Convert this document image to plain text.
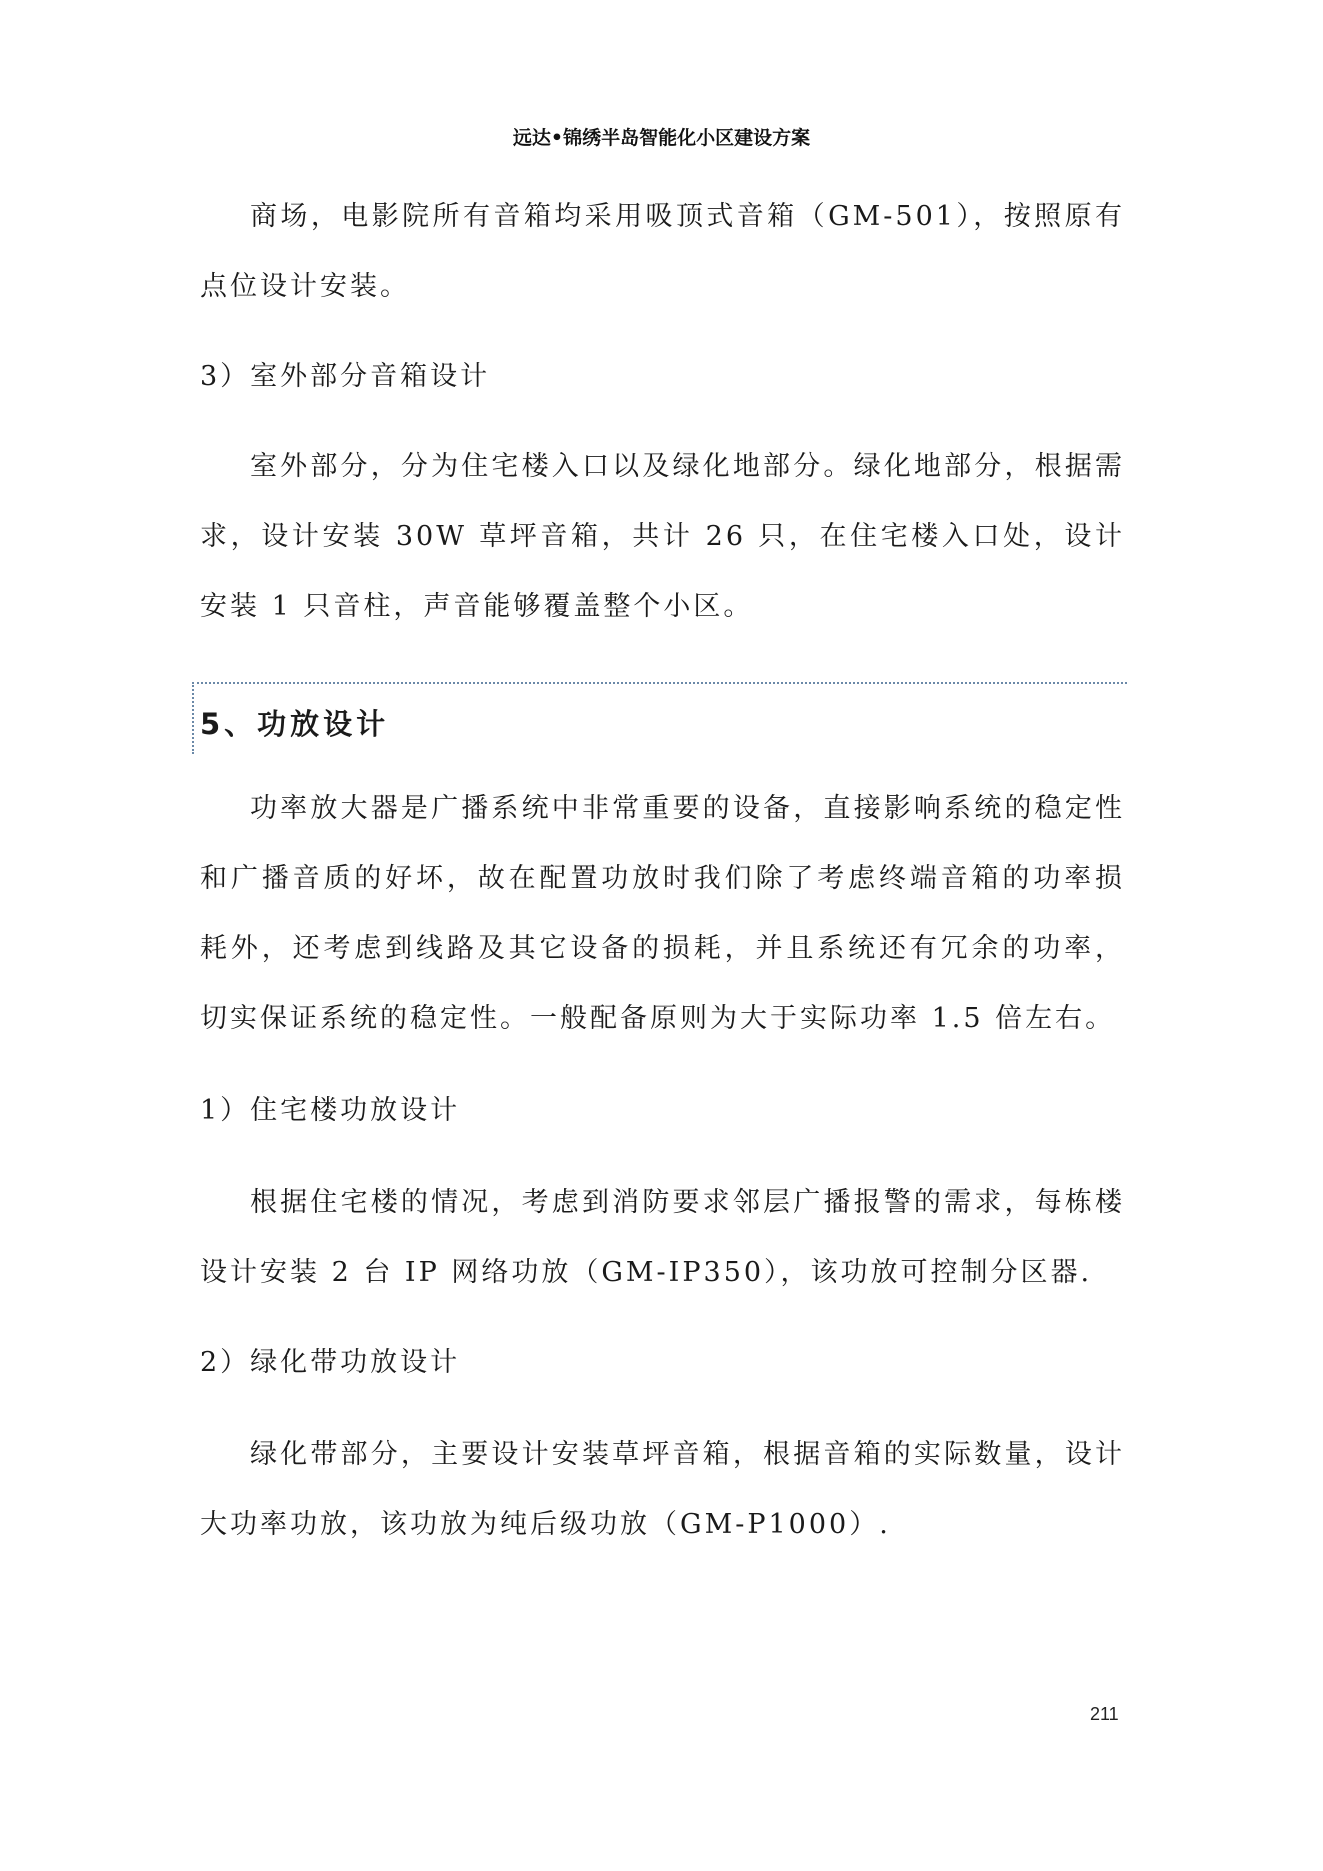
远达•锦绣半岛智能化小区建设方案

商场，电影院所有音箱均采用吸顶式音箱（GM-501），按照原有点位设计安装。

3）室外部分音箱设计

室外部分，分为住宅楼入口以及绿化地部分。绿化地部分，根据需求，设计安装 30W 草坪音箱，共计 26 只，在住宅楼入口处，设计安装 1 只音柱，声音能够覆盖整个小区。

5、功放设计

功率放大器是广播系统中非常重要的设备，直接影响系统的稳定性和广播音质的好坏，故在配置功放时我们除了考虑终端音箱的功率损耗外，还考虑到线路及其它设备的损耗，并且系统还有冗余的功率，切实保证系统的稳定性。一般配备原则为大于实际功率 1.5 倍左右。

1）住宅楼功放设计

根据住宅楼的情况，考虑到消防要求邻层广播报警的需求，每栋楼设计安装 2 台 IP 网络功放（GM-IP350），该功放可控制分区器.

2）绿化带功放设计

绿化带部分，主要设计安装草坪音箱，根据音箱的实际数量，设计大功率功放，该功放为纯后级功放（GM-P1000）.

211
